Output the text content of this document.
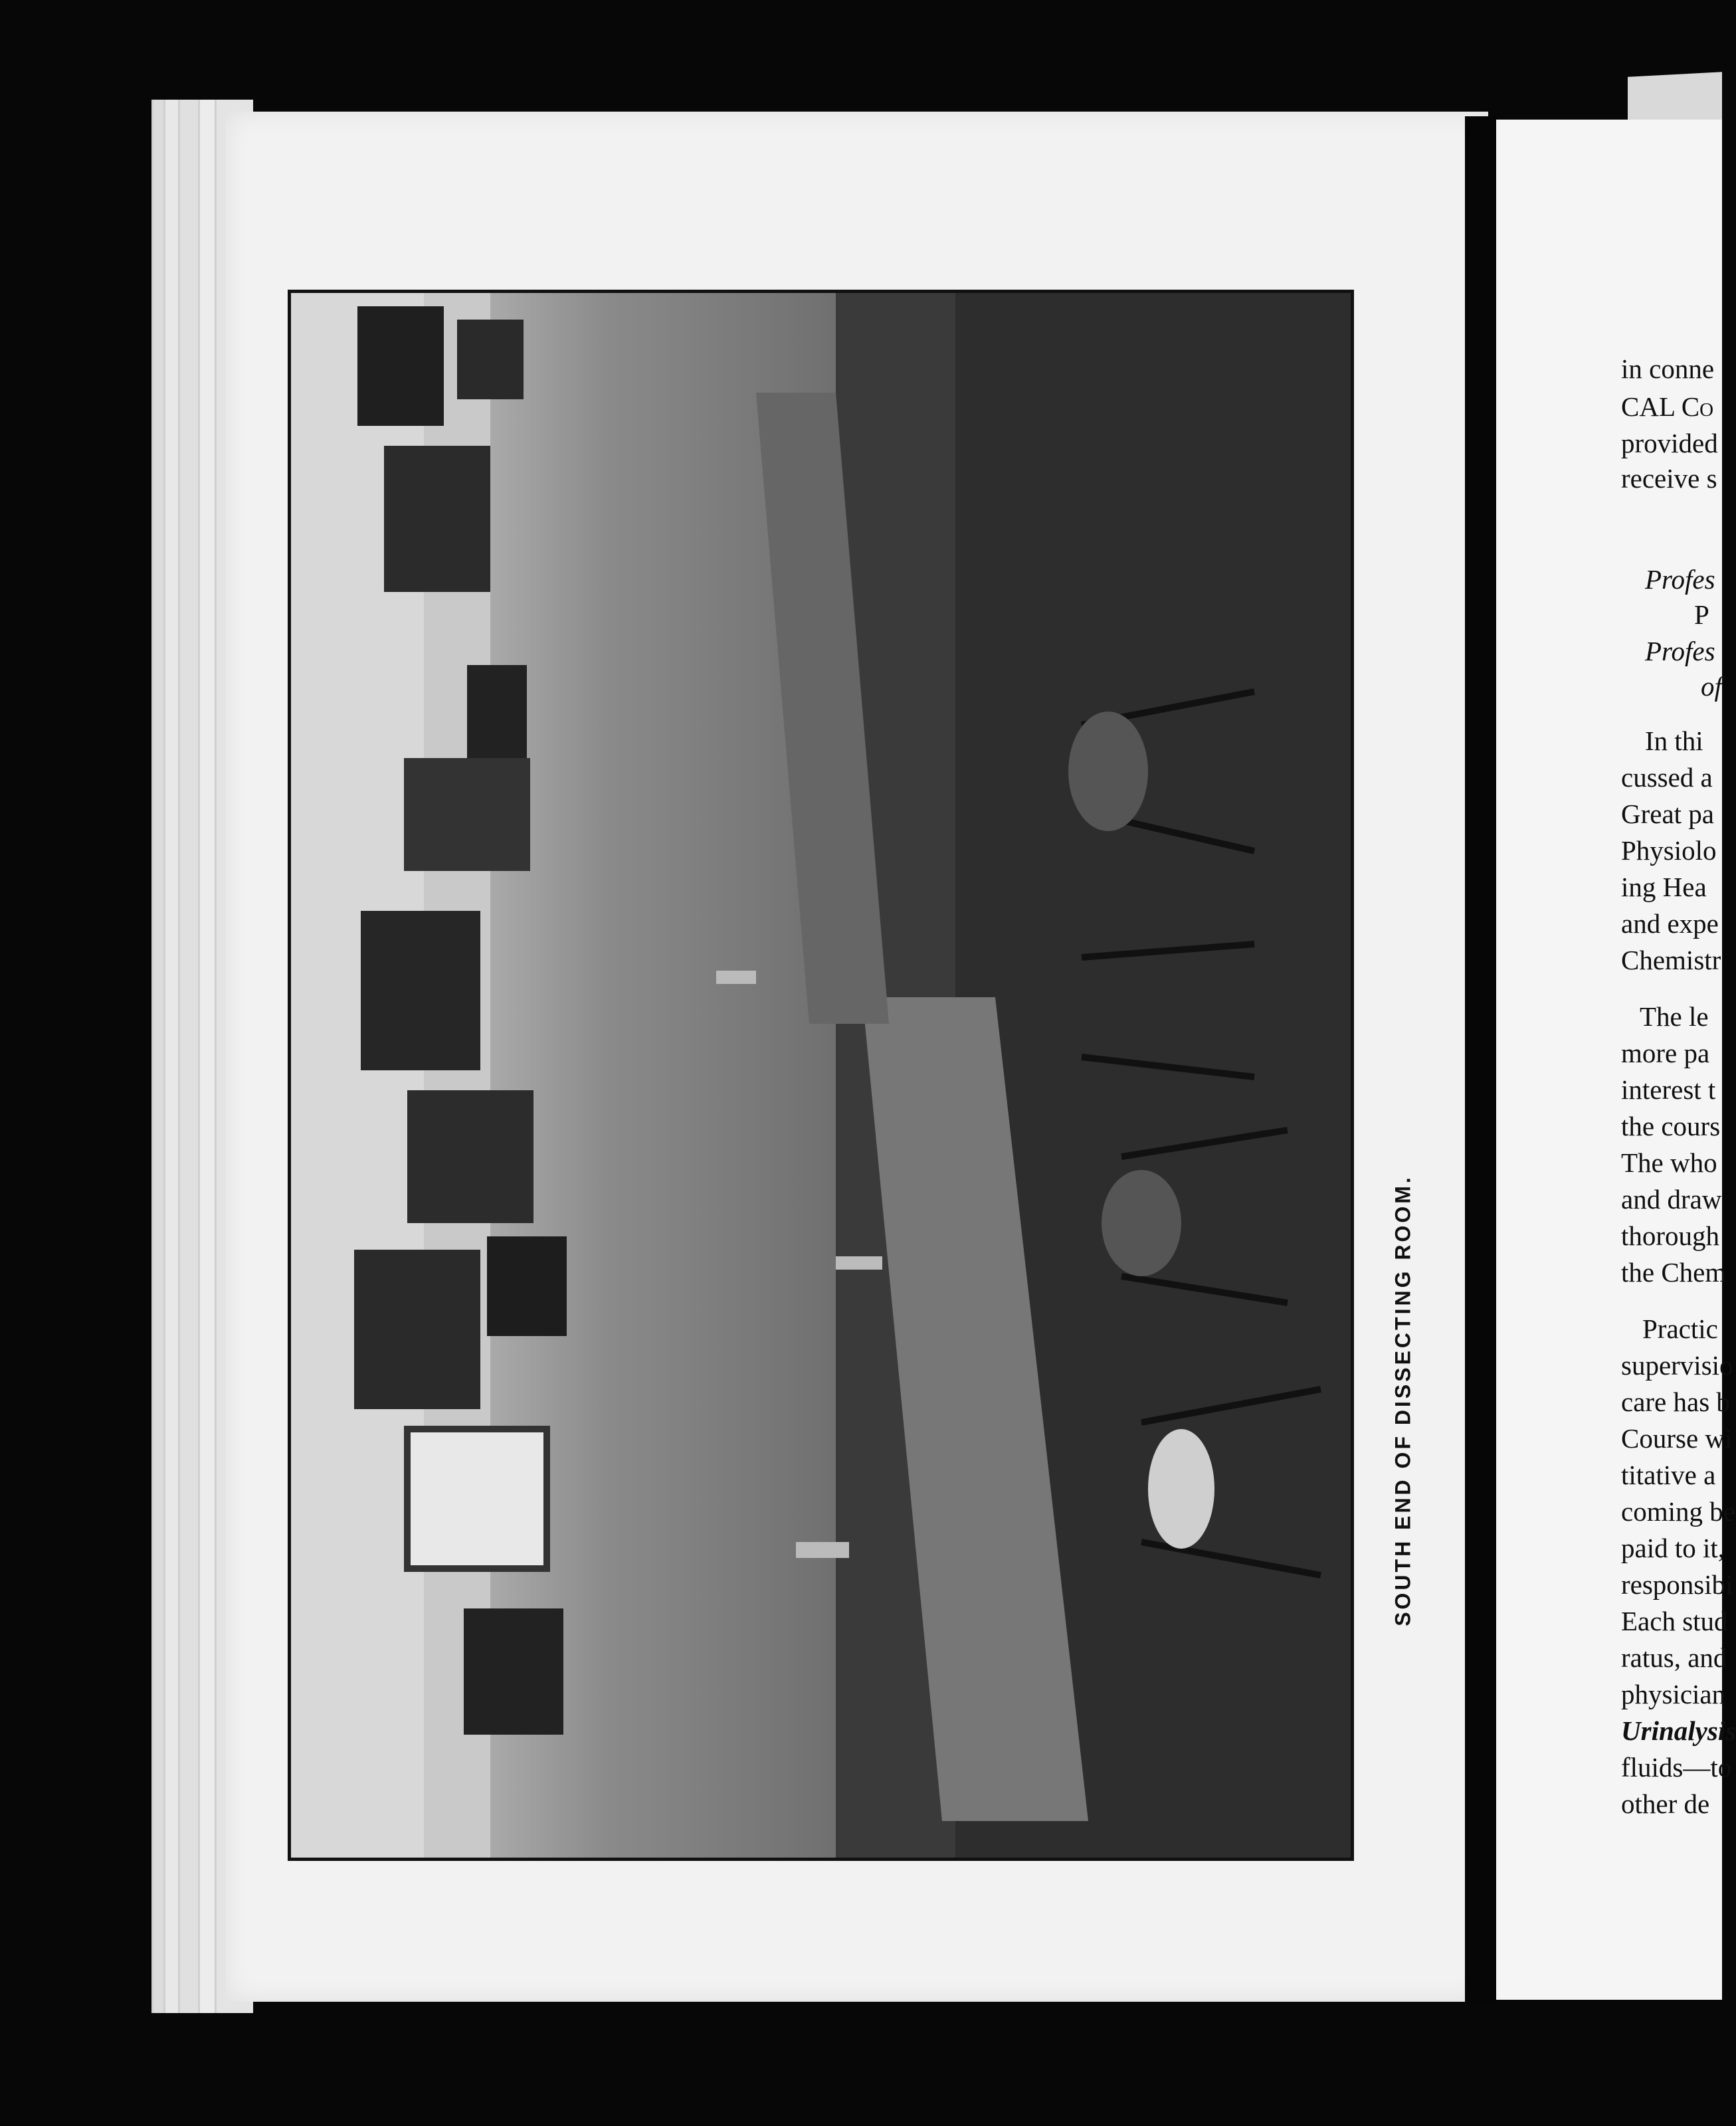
SOUTH END OF DISSECTING ROOM.
in conne
CAL Co
provided
receive s
Profes
P
Profes
of
In thi
cussed a
Great pa
Physiolo
ing Hea
and expe
Chemistr
The le
more pa
interest t
the cours
The who
and draw
thorough
the Chem
Practic
supervisio
care has b
Course wi
titative a
coming be
paid to it,
responsibi
Each stud
ratus, and
physician
Urinalysis
fluids—to
other de
